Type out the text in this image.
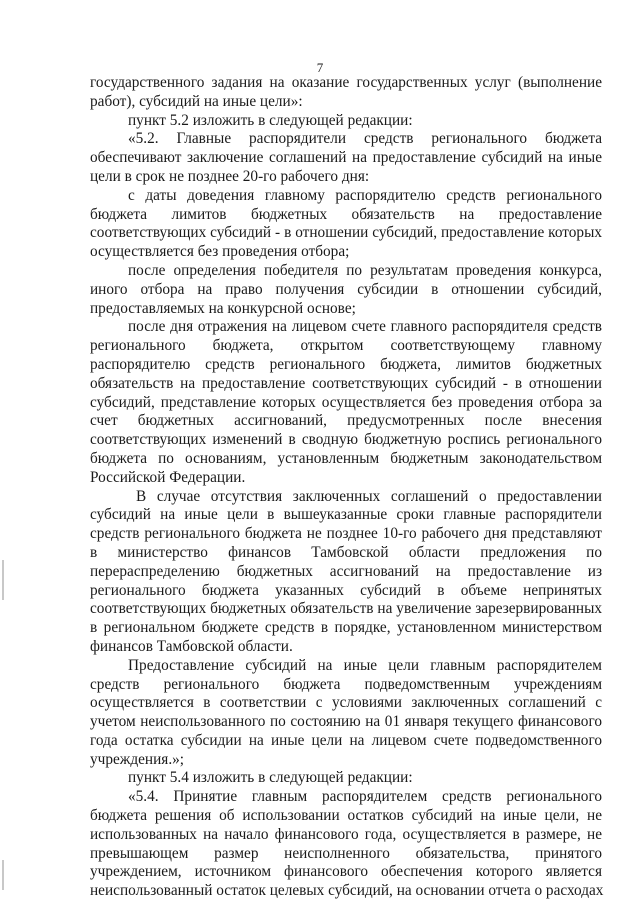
7
государственного задания на оказание государственных услуг (выполнение
работ), субсидий на иные цели»:
пункт 5.2 изложить в следующей редакции:
«5.2. Главные распорядители средств регионального бюджета
обеспечивают заключение соглашений на предоставление субсидий на иные
цели в срок не позднее 20-го рабочего дня:
с даты доведения главному распорядителю средств регионального
бюджета лимитов бюджетных обязательств на предоставление
соответствующих субсидий - в отношении субсидий, предоставление которых
осуществляется без проведения отбора;
после определения победителя по результатам проведения конкурса,
иного отбора на право получения субсидии в отношении субсидий,
предоставляемых на конкурсной основе;
после дня отражения на лицевом счете главного распорядителя средств
регионального бюджета, открытом соответствующему главному
распорядителю средств регионального бюджета, лимитов бюджетных
обязательств на предоставление соответствующих субсидий - в отношении
субсидий, представление которых осуществляется без проведения отбора за
счет бюджетных ассигнований, предусмотренных после внесения
соответствующих изменений в сводную бюджетную роспись регионального
бюджета по основаниям, установленным бюджетным законодательством
Российской Федерации.
В случае отсутствия заключенных соглашений о предоставлении
субсидий на иные цели в вышеуказанные сроки главные распорядители
средств регионального бюджета не позднее 10-го рабочего дня представляют
в министерство финансов Тамбовской области предложения по
перераспределению бюджетных ассигнований на предоставление из
регионального бюджета указанных субсидий в объеме непринятых
соответствующих бюджетных обязательств на увеличение зарезервированных
в региональном бюджете средств в порядке, установленном министерством
финансов Тамбовской области.
Предоставление субсидий на иные цели главным распорядителем
средств регионального бюджета подведомственным учреждениям
осуществляется в соответствии с условиями заключенных соглашений с
учетом неиспользованного по состоянию на 01 января текущего финансового
года остатка субсидии на иные цели на лицевом счете подведомственного
учреждения.»;
пункт 5.4 изложить в следующей редакции:
«5.4. Принятие главным распорядителем средств регионального
бюджета решения об использовании остатков субсидий на иные цели, не
использованных на начало финансового года, осуществляется в размере, не
превышающем размер неисполненного обязательства, принятого
учреждением, источником финансового обеспечения которого является
неиспользованный остаток целевых субсидий, на основании отчета о расходах
